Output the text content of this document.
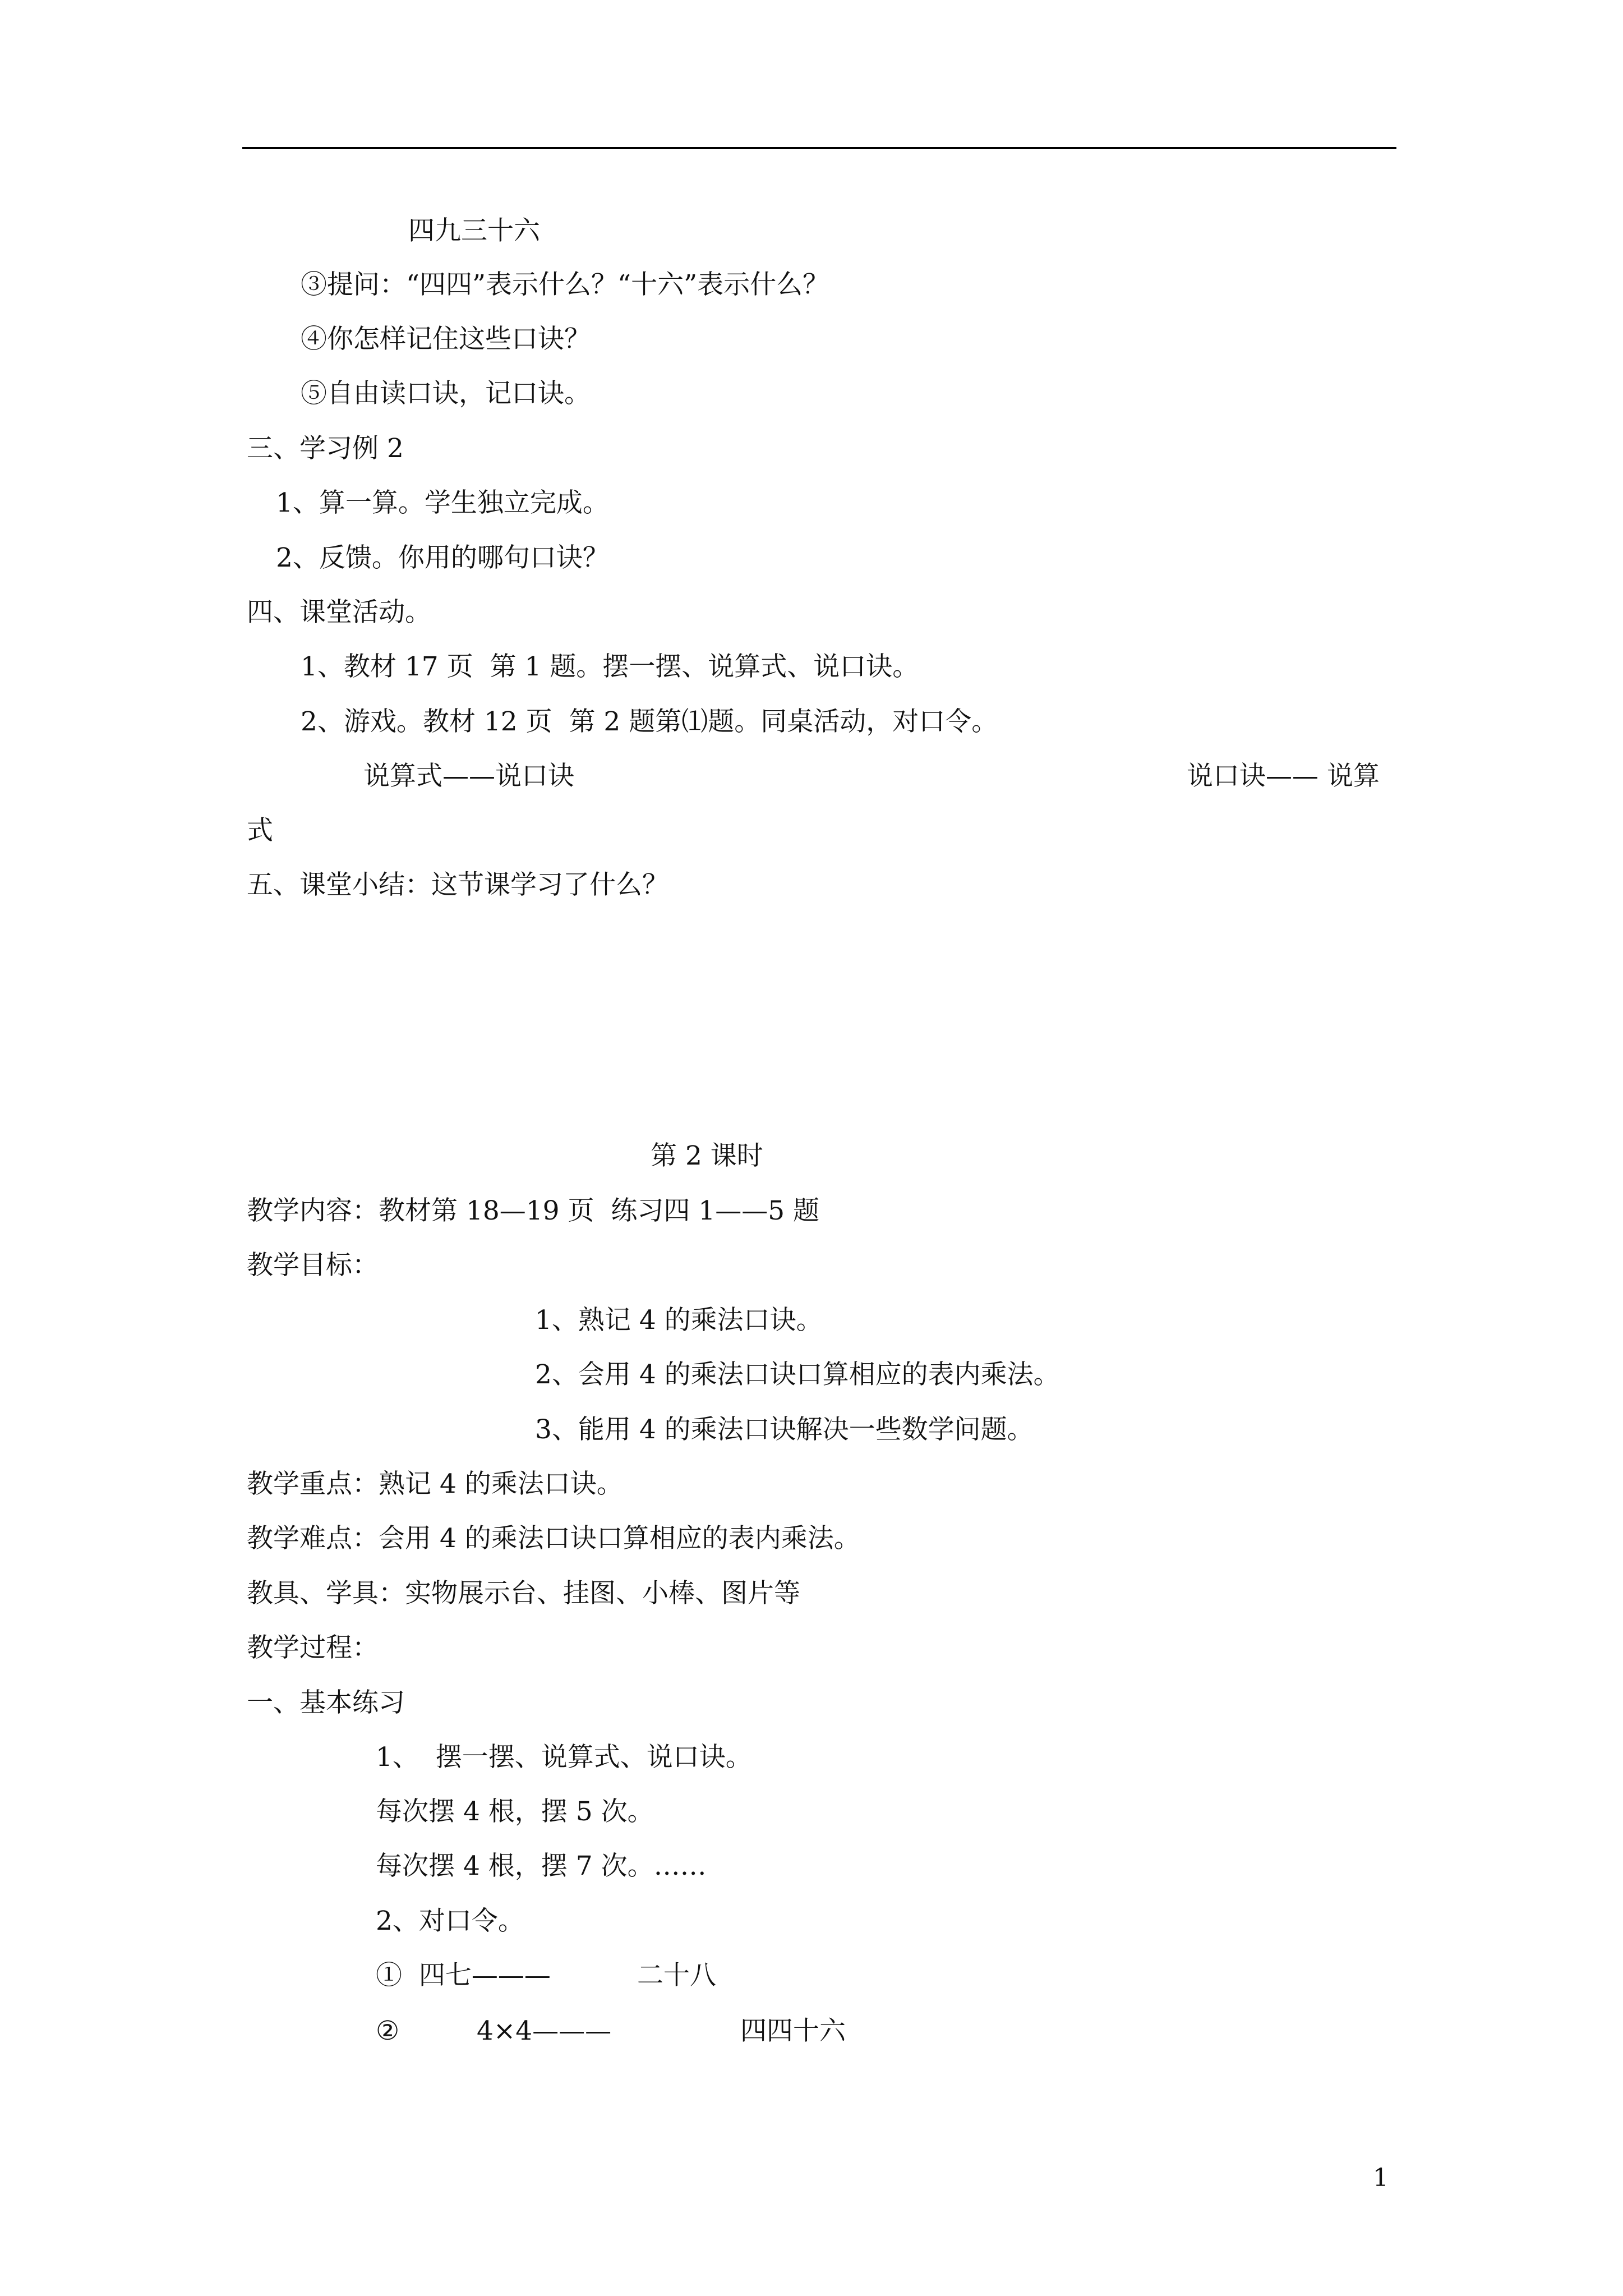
四九三十六

③提问：“四四”表示什么？“十六”表示什么？

④你怎样记住这些口诀？

⑤自由读口诀，记口诀。

三、学习例 2

1、算一算。学生独立完成。

2、反馈。你用的哪句口诀？

四、课堂活动。

1、教材 17 页  第 1 题。摆一摆、说算式、说口诀。

2、游戏。教材 12 页  第 2 题第⑴题。同桌活动，对口令。

说算式——说口诀	说口诀—— 说算

式

五、课堂小结：这节课学习了什么？

第 2 课时

教学内容：教材第 18—19 页  练习四 1——5 题

教学目标：

1、熟记 4 的乘法口诀。

2、会用 4 的乘法口诀口算相应的表内乘法。

3、能用 4 的乘法口诀解决一些数学问题。

教学重点：熟记 4 的乘法口诀。

教学难点：会用 4 的乘法口诀口算相应的表内乘法。

教具、学具：实物展示台、挂图、小棒、图片等

教学过程：

一、基本练习

1、  摆一摆、说算式、说口诀。

每次摆 4 根，摆 5 次。

每次摆 4 根，摆 7 次。……

2、对口令。

①  四七———	二十八

②	4×4———	四四十六

1
